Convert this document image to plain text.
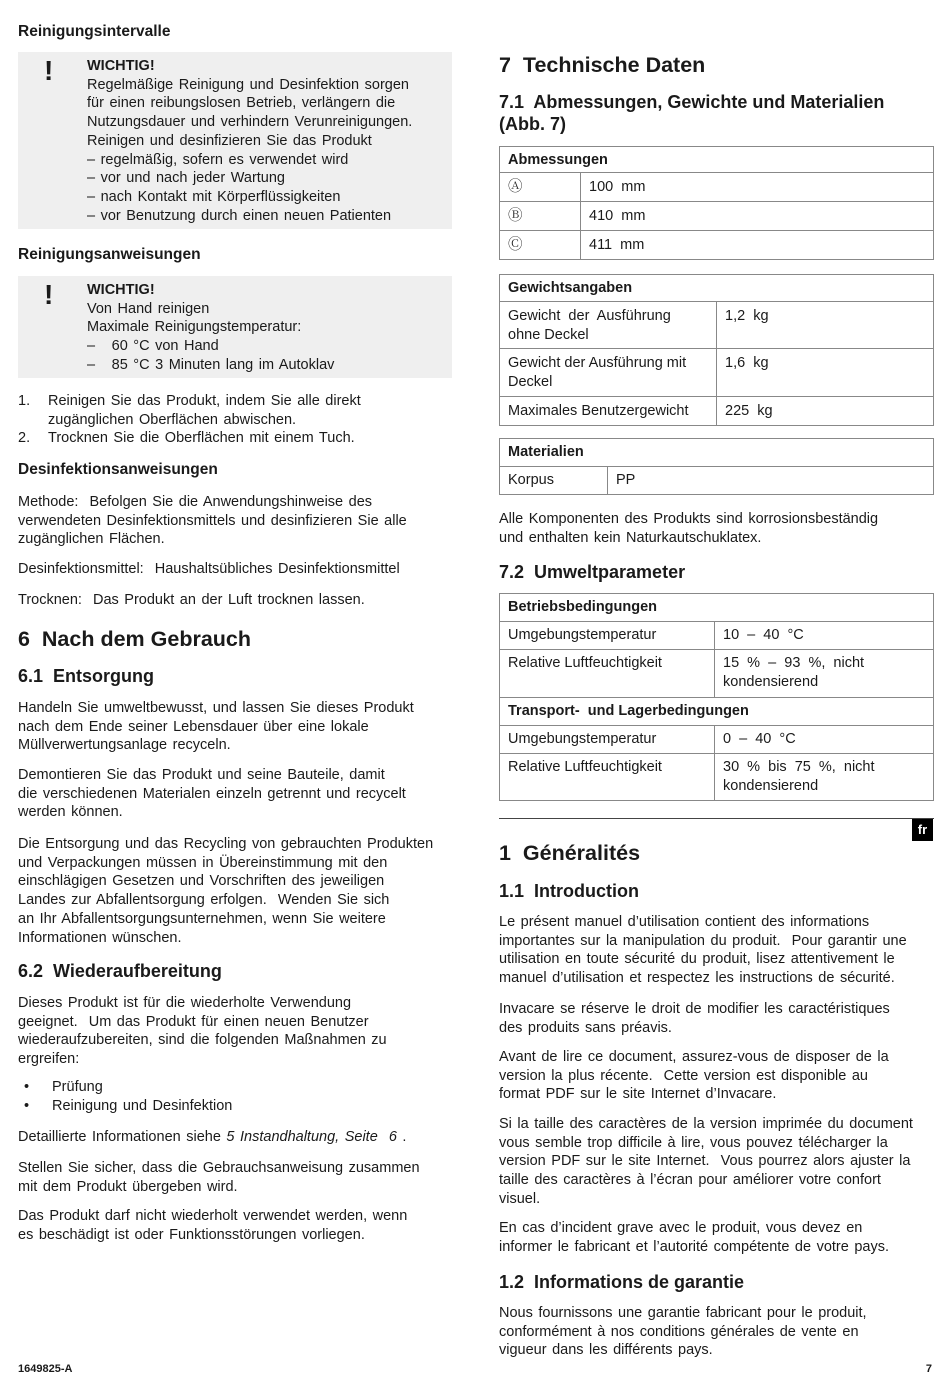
Reinigungsintervalle
! WICHTIG!
Regelmäßige Reinigung und Desinfektion sorgen
für einen reibungslosen Betrieb, verlängern die
Nutzungsdauer und verhindern Verunreinigungen.
Reinigen und desinfizieren Sie das Produkt
– regelmäßig, sofern es verwendet wird
– vor und nach jeder Wartung
– nach Kontakt mit Körperflüssigkeiten
– vor Benutzung durch einen neuen Patienten
Reinigungsanweisungen
! WICHTIG!
Von Hand reinigen
Maximale Reinigungstemperatur:
–   60 °C von Hand
–   85 °C 3 Minuten lang im Autoklav
1. Reinigen Sie das Produkt, indem Sie alle direkt
zugänglichen Oberflächen abwischen.
2. Trocknen Sie die Oberflächen mit einem Tuch.
Desinfektionsanweisungen
Methode:  Befolgen Sie die Anwendungshinweise des
verwendeten Desinfektionsmittels und desinfizieren Sie alle
zugänglichen Flächen.
Desinfektionsmittel:  Haushaltsübliches Desinfektionsmittel
Trocknen:  Das Produkt an der Luft trocknen lassen.
6  Nach dem Gebrauch
6.1  Entsorgung
Handeln Sie umweltbewusst, und lassen Sie dieses Produkt
nach dem Ende seiner Lebensdauer über eine lokale
Müllverwertungsanlage recyceln.
Demontieren Sie das Produkt und seine Bauteile, damit
die verschiedenen Materialen einzeln getrennt und recycelt
werden können.
Die Entsorgung und das Recycling von gebrauchten Produkten
und Verpackungen müssen in Übereinstimmung mit den
einschlägigen Gesetzen und Vorschriften des jeweiligen
Landes zur Abfallentsorgung erfolgen.  Wenden Sie sich
an Ihr Abfallentsorgungsunternehmen, wenn Sie weitere
Informationen wünschen.
6.2  Wiederaufbereitung
Dieses Produkt ist für die wiederholte Verwendung
geeignet.  Um das Produkt für einen neuen Benutzer
wiederaufzubereiten, sind die folgenden Maßnahmen zu
ergreifen:
• Prüfung
• Reinigung und Desinfektion
Detaillierte Informationen siehe 5 Instandhaltung, Seite  6 .
Stellen Sie sicher, dass die Gebrauchsanweisung zusammen
mit dem Produkt übergeben wird.
Das Produkt darf nicht wiederholt verwendet werden, wenn
es beschädigt ist oder Funktionsstörungen vorliegen.
7  Technische Daten
7.1  Abmessungen, Gewichte und Materialien
(Abb. 7)
Abmessungen	
Ⓐ	100  mm
Ⓑ	410  mm
Ⓒ	411  mm
Gewichtsangaben	
Gewicht  der  Ausführung
ohne Deckel	1,2  kg
Gewicht der Ausführung mit
Deckel	1,6  kg
Maximales Benutzergewicht	225  kg
Materialien
Korpus	PP
Alle Komponenten des Produkts sind korrosionsbeständig
und enthalten kein Naturkautschuklatex.
7.2  Umweltparameter
Betriebsbedingungen	
Umgebungstemperatur	10  –  40  °C
Relative Luftfeuchtigkeit	15  %  –  93  %,  nicht
kondensierend
Transport-  und Lagerbedingungen	
Umgebungstemperatur	0  –  40  °C
Relative Luftfeuchtigkeit	30  %  bis  75  %,  nicht
kondensierend
fr
1  Généralités
1.1  Introduction
Le présent manuel d’utilisation contient des informations
importantes sur la manipulation du produit.  Pour garantir une
utilisation en toute sécurité du produit, lisez attentivement le
manuel d’utilisation et respectez les instructions de sécurité.
Invacare se réserve le droit de modifier les caractéristiques
des produits sans préavis.
Avant de lire ce document, assurez-vous de disposer de la
version la plus récente.  Cette version est disponible au
format PDF sur le site Internet d’Invacare.
Si la taille des caractères de la version imprimée du document
vous semble trop difficile à lire, vous pouvez télécharger la
version PDF sur le site Internet.  Vous pourrez alors ajuster la
taille des caractères à l’écran pour améliorer votre confort
visuel.
En cas d’incident grave avec le produit, vous devez en
informer le fabricant et l’autorité compétente de votre pays.
1.2  Informations de garantie
Nous fournissons une garantie fabricant pour le produit,
conformément à nos conditions générales de vente en
vigueur dans les différents pays.
1649825-A	7
